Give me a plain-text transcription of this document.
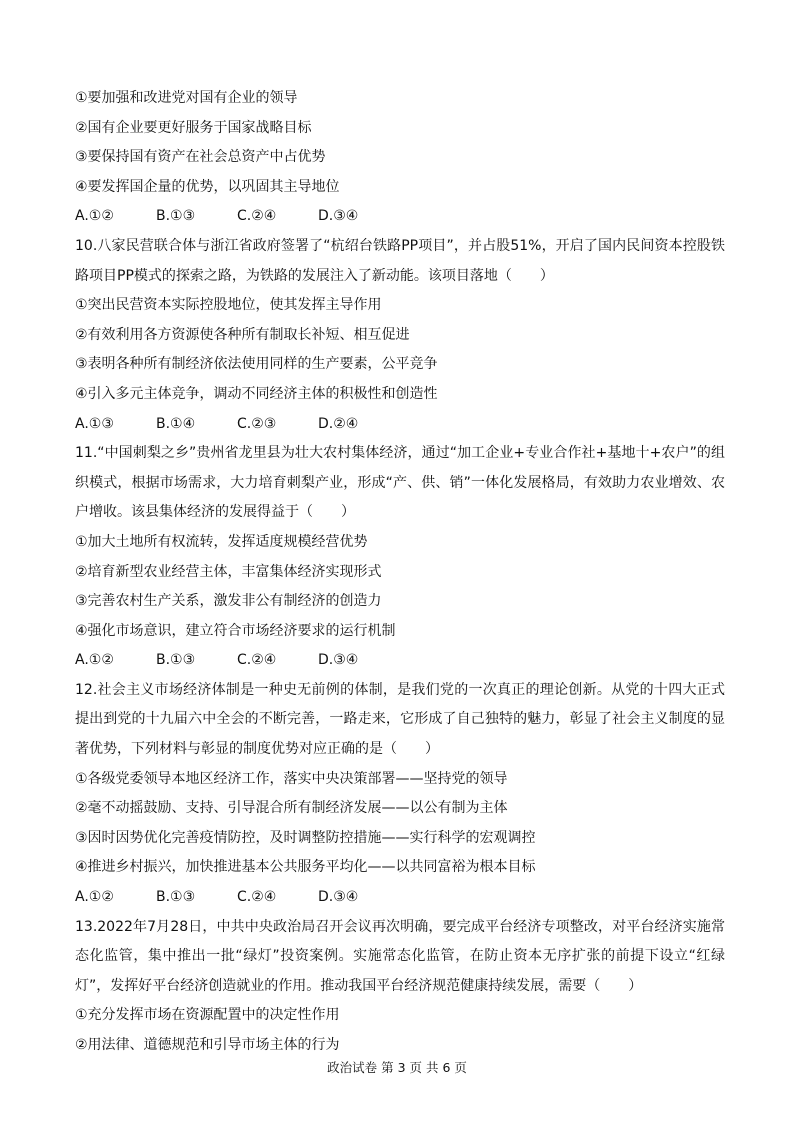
①要加强和改进党对国有企业的领导
②国有企业要更好服务于国家战略目标
③要保持国有资产在社会总资产中占优势
④要发挥国企量的优势，以巩固其主导地位
A.①②	B.①③	C.②④	D.③④
10.八家民营联合体与浙江省政府签署了“杭绍台铁路PP项目”，并占股51%，开启了国内民间资本控股铁路项目PP模式的探索之路，为铁路的发展注入了新动能。该项目落地（　　）
①突出民营资本实际控股地位，使其发挥主导作用
②有效利用各方资源使各种所有制取长补短、相互促进
③表明各种所有制经济依法使用同样的生产要素，公平竞争
④引入多元主体竞争，调动不同经济主体的积极性和创造性
A.①③	B.①④	C.②③	D.②④
11.“中国刺梨之乡”贵州省龙里县为壮大农村集体经济，通过“加工企业+专业合作社+基地十+农户”的组织模式，根据市场需求，大力培育刺梨产业，形成“产、供、销”一体化发展格局，有效助力农业增效、农户增收。该县集体经济的发展得益于（　　）
①加大土地所有权流转，发挥适度规模经营优势
②培育新型农业经营主体，丰富集体经济实现形式
③完善农村生产关系，激发非公有制经济的创造力
④强化市场意识，建立符合市场经济要求的运行机制
A.①②	B.①③	C.②④	D.③④
12.社会主义市场经济体制是一种史无前例的体制，是我们党的一次真正的理论创新。从党的十四大正式提出到党的十九届六中全会的不断完善，一路走来，它形成了自己独特的魅力，彰显了社会主义制度的显著优势，下列材料与彰显的制度优势对应正确的是（　　）
①各级党委领导本地区经济工作，落实中央决策部署——坚持党的领导
②毫不动摇鼓励、支持、引导混合所有制经济发展——以公有制为主体
③因时因势优化完善疫情防控，及时调整防控措施——实行科学的宏观调控
④推进乡村振兴，加快推进基本公共服务平均化——以共同富裕为根本目标
A.①②	B.①③	C.②④	D.③④
13.2022年7月28日，中共中央政治局召开会议再次明确，要完成平台经济专项整改，对平台经济实施常态化监管，集中推出一批“绿灯”投资案例。实施常态化监管，在防止资本无序扩张的前提下设立“红绿灯”，发挥好平台经济创造就业的作用。推动我国平台经济规范健康持续发展，需要（　　）
①充分发挥市场在资源配置中的决定性作用
②用法律、道德规范和引导市场主体的行为
政治试卷 第 3 页 共 6 页
